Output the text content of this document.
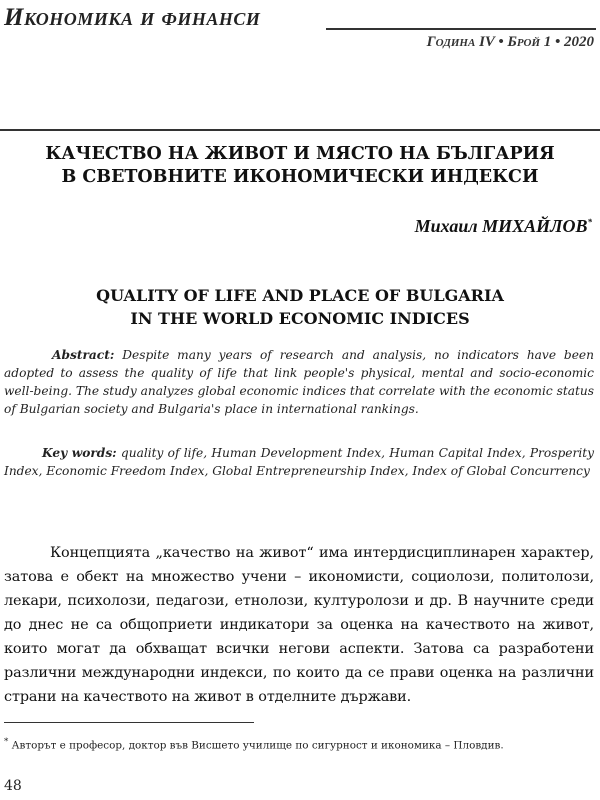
Икономика и финанси
Година IV • Брой 1 • 2020
КАЧЕСТВО НА ЖИВОТ И МЯСТО НА БЪЛГАРИЯ
В СВЕТОВНИТЕ ИКОНОМИЧЕСКИ ИНДЕКСИ
Михаил МИХАЙЛОВ*
QUALITY OF LIFE AND PLACE OF BULGARIA
IN THE WORLD ECONOMIC INDICES

Abstract: Despite many years of research and analysis, no indicators have been adopted to assess the quality of life that link people's physical, mental and socio-economic well-being. The study analyzes global economic indices that correlate with the economic status of Bulgarian society and Bulgaria's place in international rankings.

Key words: quality of life, Human Development Index, Human Capital Index, Prosperity Index, Economic Freedom Index, Global Entrepreneurship Index, Index of Global Concurrency

Концепцията „качество на живот“ има интердисциплинарен характер, затова е обект на множество учени – икономисти, социолози, политолози, лекари, психолози, педагози, етнолози, културолози и др. В научните среди до днес не са общоприети индикатори за оценка на качеството на живот, които могат да обхващат всички негови аспекти. Затова са разработени различни международни индекси, по които да се прави оценка на различни страни на качеството на живот в отделните държави.

* Авторът е професор, доктор във Висшето училище по сигурност и икономика – Пловдив.

48
